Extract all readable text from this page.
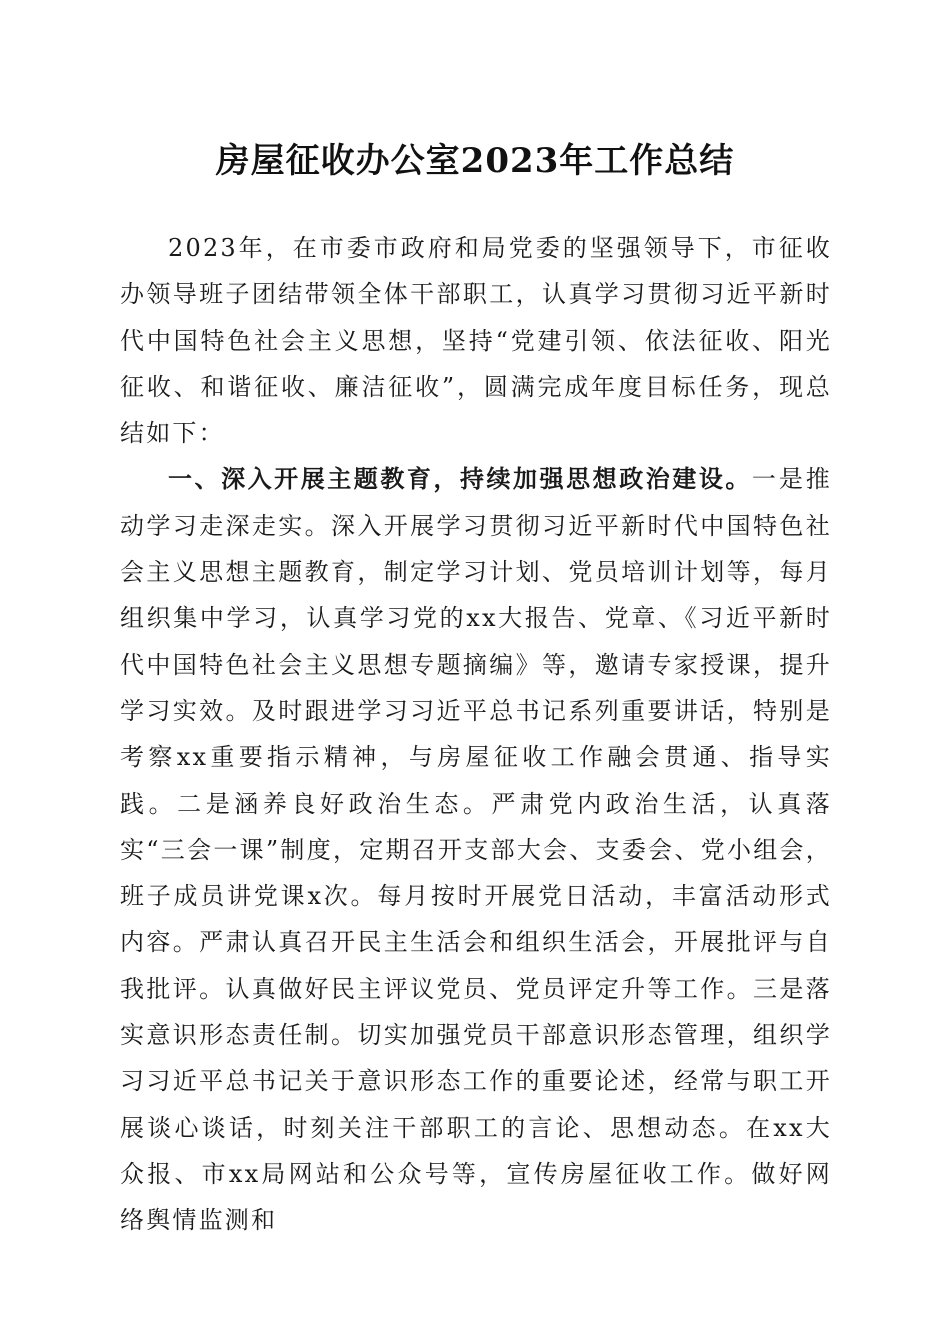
房屋征收办公室2023年工作总结

2023年，在市委市政府和局党委的坚强领导下，市征收办领导班子团结带领全体干部职工，认真学习贯彻习近平新时代中国特色社会主义思想，坚持“党建引领、依法征收、阳光征收、和谐征收、廉洁征收”，圆满完成年度目标任务，现总结如下：

一、深入开展主题教育，持续加强思想政治建设。一是推动学习走深走实。深入开展学习贯彻习近平新时代中国特色社会主义思想主题教育，制定学习计划、党员培训计划等，每月组织集中学习，认真学习党的xx大报告、党章、《习近平新时代中国特色社会主义思想专题摘编》等，邀请专家授课，提升学习实效。及时跟进学习习近平总书记系列重要讲话，特别是考察xx重要指示精神，与房屋征收工作融会贯通、指导实践。二是涵养良好政治生态。严肃党内政治生活，认真落实“三会一课”制度，定期召开支部大会、支委会、党小组会，班子成员讲党课x次。每月按时开展党日活动，丰富活动形式内容。严肃认真召开民主生活会和组织生活会，开展批评与自我批评。认真做好民主评议党员、党员评定升等工作。三是落实意识形态责任制。切实加强党员干部意识形态管理，组织学习习近平总书记关于意识形态工作的重要论述，经常与职工开展谈心谈话，时刻关注干部职工的言论、思想动态。在xx大众报、市xx局网站和公众号等，宣传房屋征收工作。做好网络舆情监测和
